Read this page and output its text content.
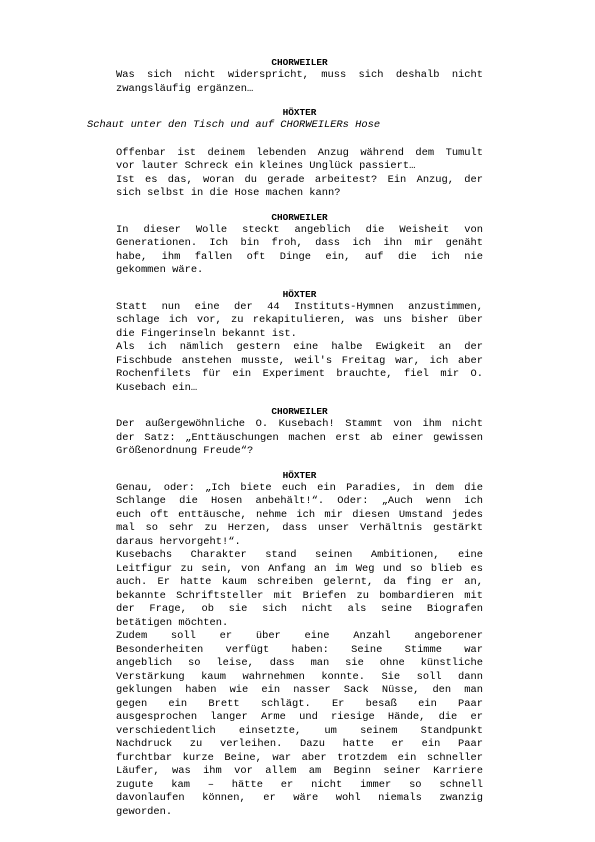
CHORWEILER

Was sich nicht widerspricht, muss sich deshalb nicht
zwangsläufig ergänzen…

HÖXTER

Schaut unter den Tisch und auf CHORWEILERs Hose

Offenbar ist deinem lebenden Anzug während dem Tumult
vor lauter Schreck ein kleines Unglück passiert…
Ist es das, woran du gerade arbeitest? Ein Anzug, der
sich selbst in die Hose machen kann?

CHORWEILER

In dieser Wolle steckt angeblich die Weisheit von
Generationen. Ich bin froh, dass ich ihn mir genäht
habe, ihm fallen oft Dinge ein, auf die ich nie
gekommen wäre.

HÖXTER

Statt nun eine der 44 Instituts-Hymnen anzustimmen,
schlage ich vor, zu rekapitulieren, was uns bisher über
die Fingerinseln bekannt ist.
Als ich nämlich gestern eine halbe Ewigkeit an der
Fischbude anstehen musste, weil's Freitag war, ich aber
Rochenfilets für ein Experiment brauchte, fiel mir O.
Kusebach ein…

CHORWEILER

Der außergewöhnliche O. Kusebach! Stammt von ihm nicht
der Satz: „Enttäuschungen machen erst ab einer gewissen
Größenordnung Freude“?

HÖXTER

Genau, oder: „Ich biete euch ein Paradies, in dem die
Schlange die Hosen anbehält!“. Oder: „Auch wenn ich
euch oft enttäusche, nehme ich mir diesen Umstand jedes
mal so sehr zu Herzen, dass unser Verhältnis gestärkt
daraus hervorgeht!“.
Kusebachs Charakter stand seinen Ambitionen, eine
Leitfigur zu sein, von Anfang an im Weg und so blieb es
auch. Er hatte kaum schreiben gelernt, da fing er an,
bekannte Schriftsteller mit Briefen zu bombardieren mit
der Frage, ob sie sich nicht als seine Biografen
betätigen möchten.
Zudem soll er über eine Anzahl angeborener
Besonderheiten verfügt haben: Seine Stimme war
angeblich so leise, dass man sie ohne künstliche
Verstärkung kaum wahrnehmen konnte. Sie soll dann
geklungen haben wie ein nasser Sack Nüsse, den man
gegen ein Brett schlägt. Er besaß ein Paar
ausgesprochen langer Arme und riesige Hände, die er
verschiedentlich einsetzte, um seinem Standpunkt
Nachdruck zu verleihen. Dazu hatte er ein Paar
furchtbar kurze Beine, war aber trotzdem ein schneller
Läufer, was ihm vor allem am Beginn seiner Karriere
zugute kam – hätte er nicht immer so schnell
davonlaufen können, er wäre wohl niemals zwanzig
geworden.
